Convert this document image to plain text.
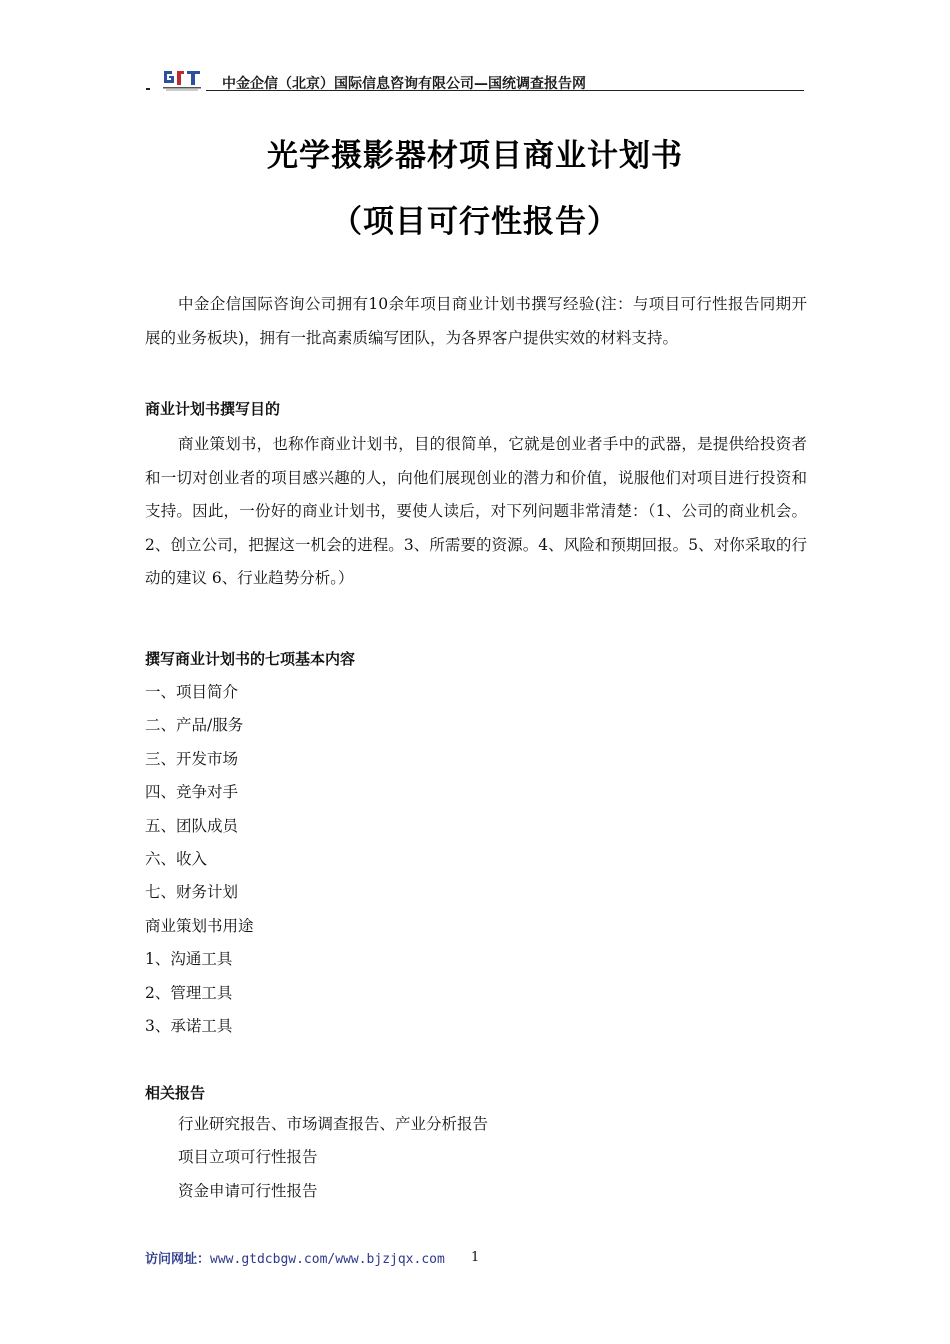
中金企信（北京）国际信息咨询有限公司—国统调查报告网
光学摄影器材项目商业计划书
（项目可行性报告）

中金企信国际咨询公司拥有10余年项目商业计划书撰写经验(注：与项目可行性报告同期开展的业务板块)，拥有一批高素质编写团队，为各界客户提供实效的材料支持。

商业计划书撰写目的

商业策划书，也称作商业计划书，目的很简单，它就是创业者手中的武器，是提供给投资者和一切对创业者的项目感兴趣的人，向他们展现创业的潜力和价值，说服他们对项目进行投资和支持。因此，一份好的商业计划书，要使人读后，对下列问题非常清楚：（1、公司的商业机会。2、创立公司，把握这一机会的进程。3、所需要的资源。4、风险和预期回报。5、对你采取的行动的建议 6、行业趋势分析。）

撰写商业计划书的七项基本内容
一、项目简介
二、产品/服务
三、开发市场
四、竞争对手
五、团队成员
六、收入
七、财务计划
商业策划书用途
1、沟通工具
2、管理工具
3、承诺工具
相关报告
行业研究报告、市场调查报告、产业分析报告
项目立项可行性报告
资金申请可行性报告
访问网址：www.gtdcbgw.com/www.bjzjqx.com 1
